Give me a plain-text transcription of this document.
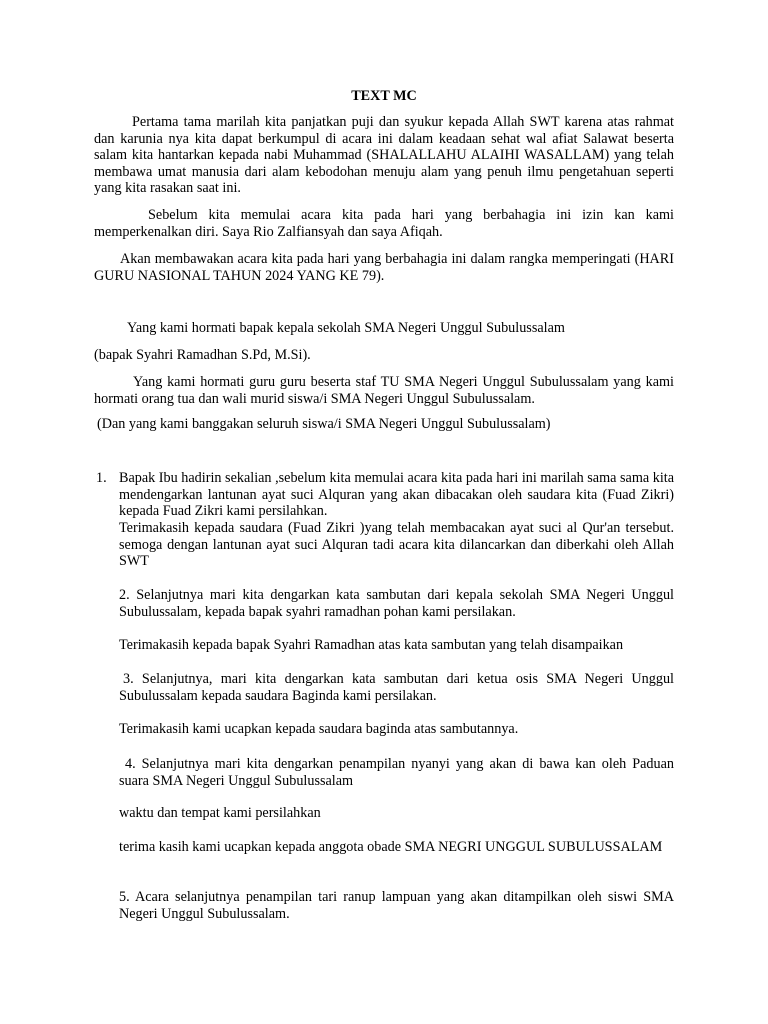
TEXT MC

Pertama tama marilah kita panjatkan puji dan syukur kepada Allah SWT karena atas rahmat dan karunia nya kita dapat berkumpul di acara ini dalam keadaan sehat wal afiat Salawat beserta salam kita hantarkan kepada nabi Muhammad (SHALALLAHU ALAIHI WASALLAM) yang telah membawa umat manusia dari alam kebodohan menuju alam yang penuh ilmu pengetahuan seperti yang kita rasakan saat ini.

Sebelum kita memulai acara kita pada hari yang berbahagia ini izin kan kami memperkenalkan diri. Saya Rio Zalfiansyah dan saya Afiqah.

Akan membawakan acara kita pada hari yang berbahagia ini dalam rangka memperingati (HARI GURU NASIONAL TAHUN 2024 YANG KE 79).

Yang kami hormati bapak kepala sekolah SMA Negeri Unggul Subulussalam

(bapak Syahri Ramadhan S.Pd, M.Si).

Yang kami hormati guru guru beserta staf TU SMA Negeri Unggul Subulussalam yang kami hormati orang tua dan wali murid siswa/i SMA Negeri Unggul Subulussalam.

(Dan yang kami banggakan seluruh siswa/i SMA Negeri Unggul Subulussalam)

1. Bapak Ibu hadirin sekalian ,sebelum kita memulai acara kita pada hari ini marilah sama sama kita mendengarkan lantunan ayat suci Alquran yang akan dibacakan oleh saudara kita (Fuad Zikri) kepada Fuad Zikri kami persilahkan.

Terimakasih kepada saudara (Fuad Zikri )yang telah membacakan ayat suci al Qur'an tersebut. semoga dengan lantunan ayat suci Alquran tadi acara kita dilancarkan dan diberkahi oleh Allah SWT

2. Selanjutnya mari kita dengarkan kata sambutan dari kepala sekolah SMA Negeri Unggul Subulussalam, kepada bapak syahri ramadhan pohan kami persilakan.

Terimakasih kepada bapak Syahri Ramadhan atas kata sambutan yang telah disampaikan

3. Selanjutnya, mari kita dengarkan kata sambutan dari ketua osis SMA Negeri Unggul Subulussalam kepada saudara Baginda kami persilakan.

Terimakasih kami ucapkan kepada saudara baginda atas sambutannya.

4. Selanjutnya mari kita dengarkan penampilan nyanyi yang akan di bawa kan oleh Paduan suara SMA Negeri Unggul Subulussalam

waktu dan tempat kami persilahkan

terima kasih kami ucapkan kepada anggota obade SMA NEGRI UNGGUL SUBULUSSALAM

5. Acara selanjutnya penampilan tari ranup lampuan yang akan ditampilkan oleh siswi SMA Negeri Unggul Subulussalam.
